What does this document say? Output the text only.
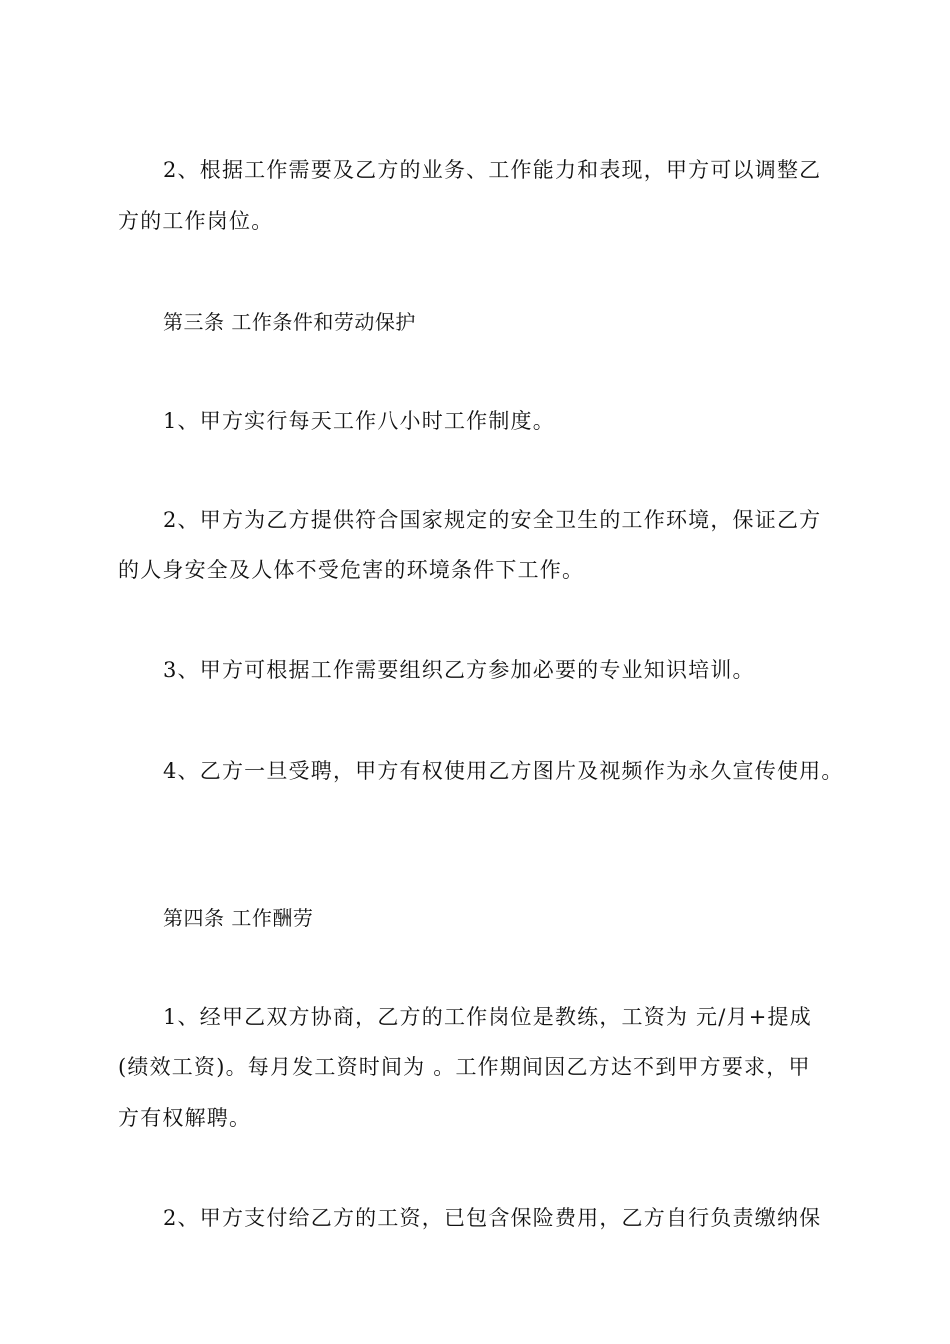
2、根据工作需要及乙方的业务、工作能力和表现，甲方可以调整乙
方的工作岗位。
第三条 工作条件和劳动保护
1、甲方实行每天工作八小时工作制度。
2、甲方为乙方提供符合国家规定的安全卫生的工作环境，保证乙方
的人身安全及人体不受危害的环境条件下工作。
3、甲方可根据工作需要组织乙方参加必要的专业知识培训。
4、乙方一旦受聘，甲方有权使用乙方图片及视频作为永久宣传使用。
第四条 工作酬劳
1、经甲乙双方协商，乙方的工作岗位是教练，工资为 元/月+提成
(绩效工资)。每月发工资时间为 。工作期间因乙方达不到甲方要求，甲
方有权解聘。
2、甲方支付给乙方的工资，已包含保险费用，乙方自行负责缴纳保
